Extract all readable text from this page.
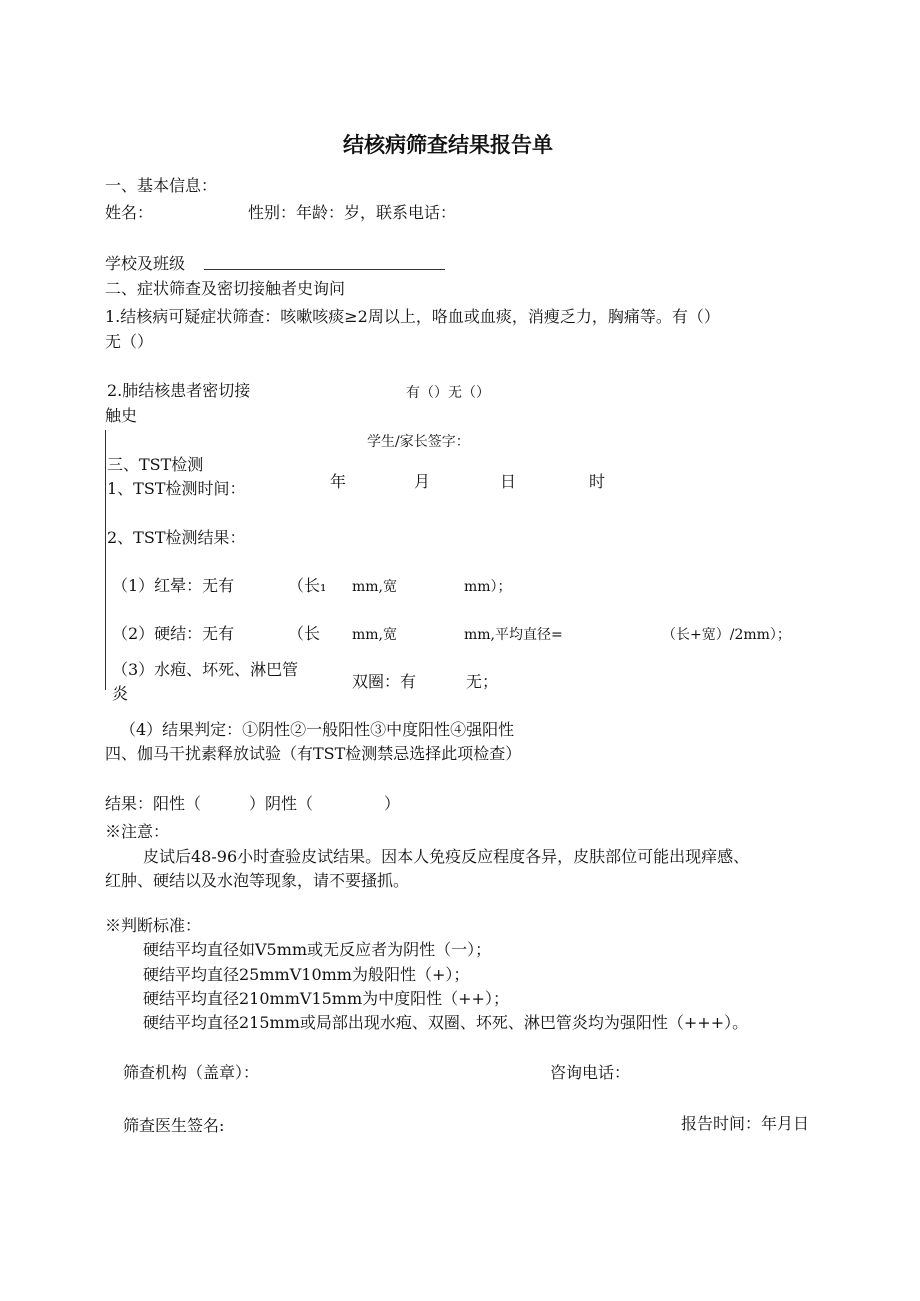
结核病筛查结果报告单
一、基本信息：
姓名：	性别：年龄：岁，联系电话：
学校及班级
二、症状筛查及密切接触者史询问
1.结核病可疑症状筛查：咳嗽咳痰≥2周以上，咯血或血痰，消瘦乏力，胸痛等。有（）
无（）
2.肺结核患者密切接	有（）无（）
触史
学生/家长签字：
三、TST检测
1、TST检测时间：	年	月	日	时
2、TST检测结果：
（1）红晕：无有	（长₁ mm,宽	mm）；
（2）硬结：无有	（长 mm,宽	mm,平均直径=	（长+宽）/2mm）；
（3）水疱、坏死、淋巴管
炎
双圈：有	无；
（4）结果判定：①阴性②一般阳性③中度阳性④强阳性
四、伽马干扰素释放试验（有TST检测禁忌选择此项检查）
结果：阳性（	）阴性（	）
※注意：
皮试后48-96小时查验皮试结果。因本人免疫反应程度各异，皮肤部位可能出现痒感、
红肿、硬结以及水泡等现象，请不要搔抓。
※判断标准：
硬结平均直径如V5mm或无反应者为阴性（一）；
硬结平均直径25mmV10mm为般阳性（+）；
硬结平均直径210mmV15mm为中度阳性（++）；
硬结平均直径215mm或局部出现水疱、双圈、坏死、淋巴管炎均为强阳性（+++）。
筛查机构（盖章）：	咨询电话：
筛查医生签名:	报告时间：年月日
